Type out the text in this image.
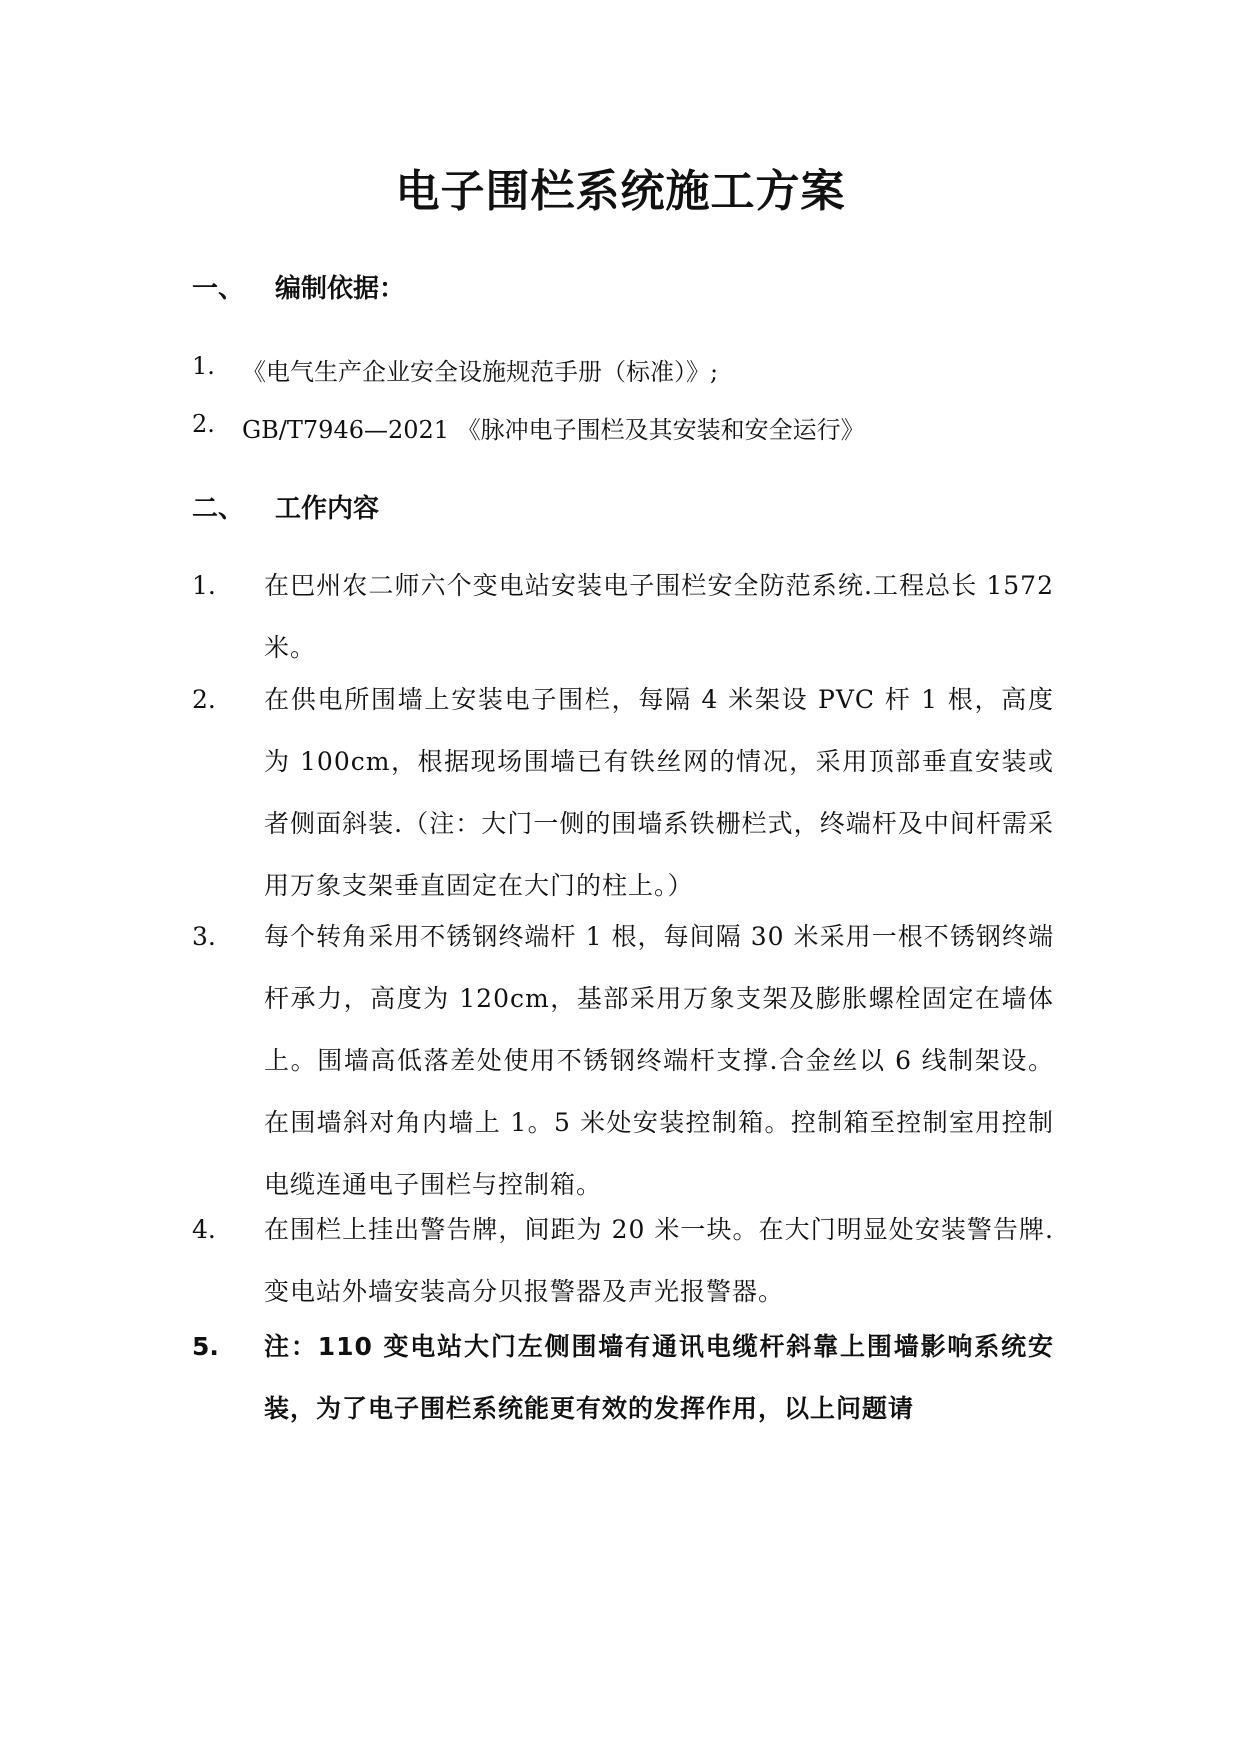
电子围栏系统施工方案
一、 编制依据：
1. 《电气生产企业安全设施规范手册（标准）》;
2. GB/T7946—2021 《脉冲电子围栏及其安装和安全运行》
二、 工作内容
1. 在巴州农二师六个变电站安装电子围栏安全防范系统.工程总长 1572 米。
2. 在供电所围墙上安装电子围栏，每隔 4 米架设 PVC 杆 1 根，高度为 100cm，根据现场围墙已有铁丝网的情况，采用顶部垂直安装或者侧面斜装.（注：大门一侧的围墙系铁栅栏式，终端杆及中间杆需采用万象支架垂直固定在大门的柱上。）
3. 每个转角采用不锈钢终端杆 1 根，每间隔 30 米采用一根不锈钢终端杆承力，高度为 120cm，基部采用万象支架及膨胀螺栓固定在墙体上。围墙高低落差处使用不锈钢终端杆支撑.合金丝以 6 线制架设。在围墙斜对角内墙上 1。5 米处安装控制箱。控制箱至控制室用控制电缆连通电子围栏与控制箱。
4. 在围栏上挂出警告牌，间距为 20 米一块。在大门明显处安装警告牌.变电站外墙安装高分贝报警器及声光报警器。
5. 注：110 变电站大门左侧围墙有通讯电缆杆斜靠上围墙影响系统安装，为了电子围栏系统能更有效的发挥作用，以上问题请
